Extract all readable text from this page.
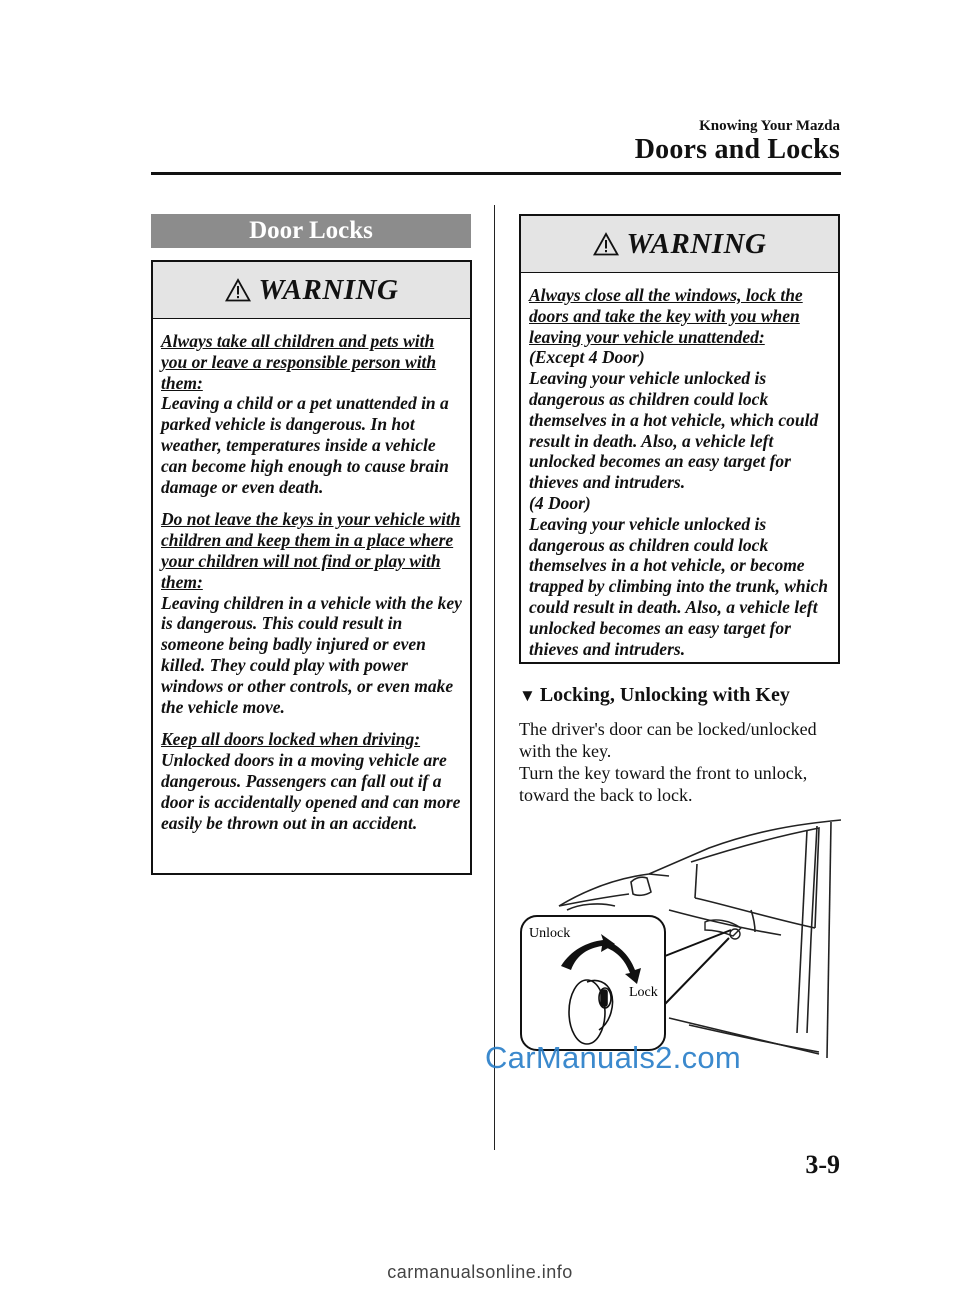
Knowing Your Mazda
Doors and Locks
Door Locks
WARNING

Always take all children and pets with you or leave a responsible person with them:
Leaving a child or a pet unattended in a parked vehicle is dangerous. In hot weather, temperatures inside a vehicle can become high enough to cause brain damage or even death.

Do not leave the keys in your vehicle with children and keep them in a place where your children will not find or play with them:
Leaving children in a vehicle with the key is dangerous. This could result in someone being badly injured or even killed. They could play with power windows or other controls, or even make the vehicle move.

Keep all doors locked when driving:
Unlocked doors in a moving vehicle are dangerous. Passengers can fall out if a door is accidentally opened and can more easily be thrown out in an accident.

WARNING

Always close all the windows, lock the doors and take the key with you when leaving your vehicle unattended:
(Except 4 Door)
Leaving your vehicle unlocked is dangerous as children could lock themselves in a hot vehicle, which could result in death. Also, a vehicle left unlocked becomes an easy target for thieves and intruders.
(4 Door)
Leaving your vehicle unlocked is dangerous as children could lock themselves in a hot vehicle, or become trapped by climbing into the trunk, which could result in death. Also, a vehicle left unlocked becomes an easy target for thieves and intruders.

▼ Locking, Unlocking with Key

The driver's door can be locked/unlocked with the key.

Turn the key toward the front to unlock, toward the back to lock.

Unlock
Lock
CarManuals2.com
3-9
carmanualsonline.info
